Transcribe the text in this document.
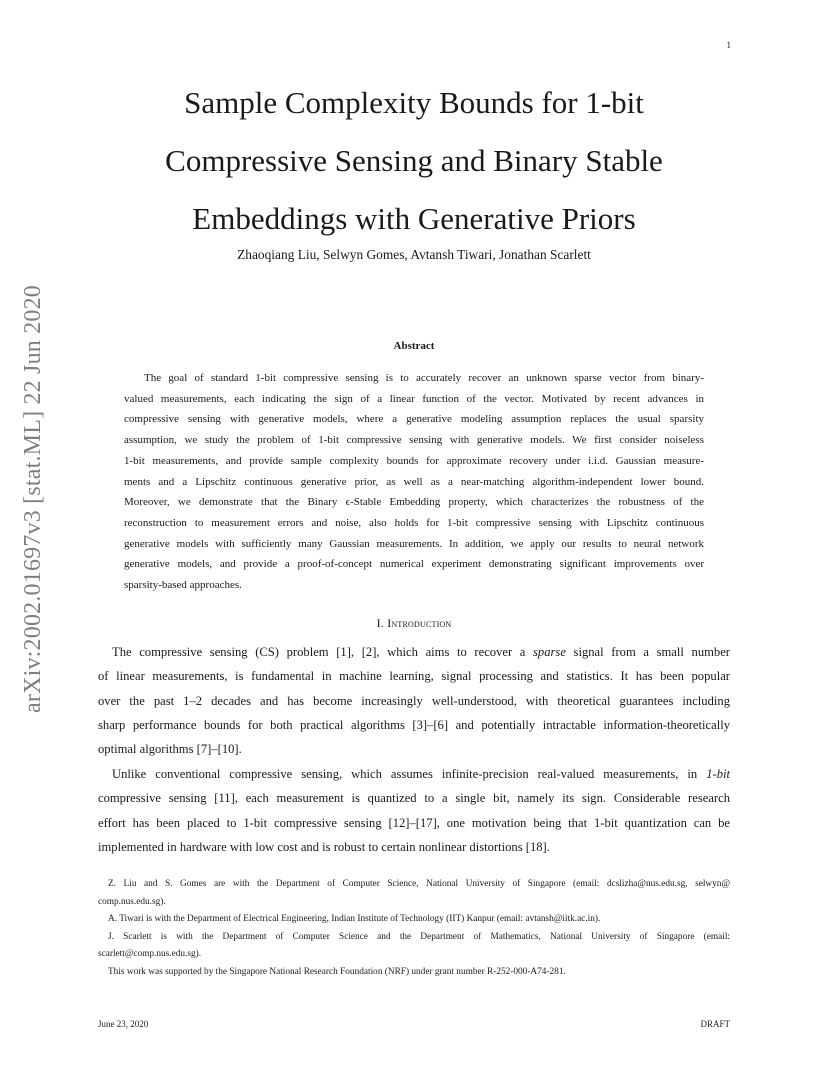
1
arXiv:2002.01697v3 [stat.ML] 22 Jun 2020
Sample Complexity Bounds for 1-bit
Compressive Sensing and Binary Stable
Embeddings with Generative Priors
Zhaoqiang Liu, Selwyn Gomes, Avtansh Tiwari, Jonathan Scarlett
Abstract
The goal of standard 1-bit compressive sensing is to accurately recover an unknown sparse vector from binary-
valued measurements, each indicating the sign of a linear function of the vector. Motivated by recent advances in
compressive sensing with generative models, where a generative modeling assumption replaces the usual sparsity
assumption, we study the problem of 1-bit compressive sensing with generative models. We first consider noiseless
1-bit measurements, and provide sample complexity bounds for approximate recovery under i.i.d. Gaussian measure-
ments and a Lipschitz continuous generative prior, as well as a near-matching algorithm-independent lower bound.
Moreover, we demonstrate that the Binary ϵ-Stable Embedding property, which characterizes the robustness of the
reconstruction to measurement errors and noise, also holds for 1-bit compressive sensing with Lipschitz continuous
generative models with sufficiently many Gaussian measurements. In addition, we apply our results to neural network
generative models, and provide a proof-of-concept numerical experiment demonstrating significant improvements over
sparsity-based approaches.
I. Introduction
The compressive sensing (CS) problem [1], [2], which aims to recover a sparse signal from a small number
of linear measurements, is fundamental in machine learning, signal processing and statistics. It has been popular
over the past 1–2 decades and has become increasingly well-understood, with theoretical guarantees including
sharp performance bounds for both practical algorithms [3]–[6] and potentially intractable information-theoretically
optimal algorithms [7]–[10].
Unlike conventional compressive sensing, which assumes infinite-precision real-valued measurements, in 1-bit
compressive sensing [11], each measurement is quantized to a single bit, namely its sign. Considerable research
effort has been placed to 1-bit compressive sensing [12]–[17], one motivation being that 1-bit quantization can be
implemented in hardware with low cost and is robust to certain nonlinear distortions [18].
Z. Liu and S. Gomes are with the Department of Computer Science, National University of Singapore (email: dcslizha@nus.edu.sg, selwyn@
comp.nus.edu.sg).
A. Tiwari is with the Department of Electrical Engineering, Indian Institute of Technology (IIT) Kanpur (email: avtansh@iitk.ac.in).
J. Scarlett is with the Department of Computer Science and the Department of Mathematics, National University of Singapore (email:
scarlett@comp.nus.edu.sg).
This work was supported by the Singapore National Research Foundation (NRF) under grant number R-252-000-A74-281.
June 23, 2020	DRAFT
